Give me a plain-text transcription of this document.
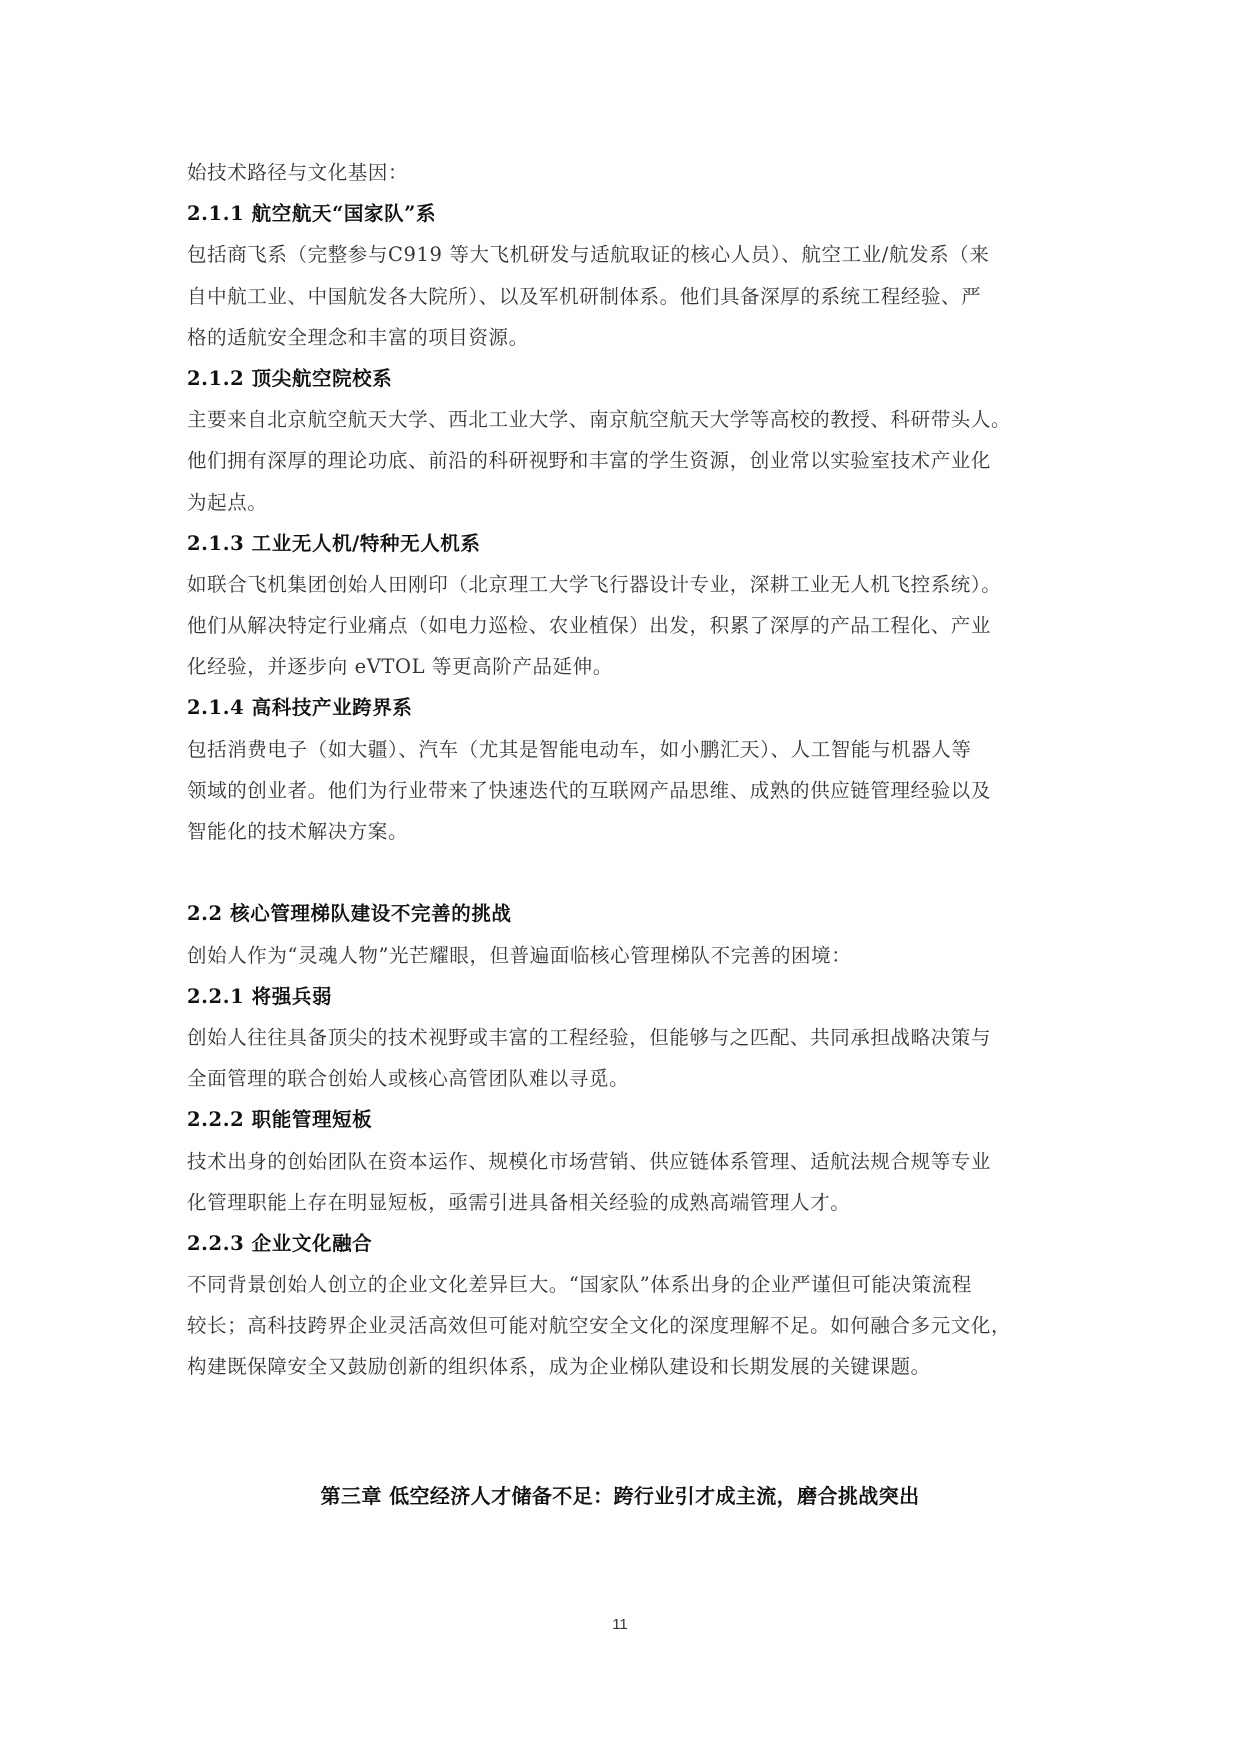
始技术路径与文化基因：
2.1.1 航空航天“国家队”系
包括商飞系（完整参与C919 等大飞机研发与适航取证的核心人员）、航空工业/航发系（来
自中航工业、中国航发各大院所）、以及军机研制体系。他们具备深厚的系统工程经验、严
格的适航安全理念和丰富的项目资源。
2.1.2 顶尖航空院校系
主要来自北京航空航天大学、西北工业大学、南京航空航天大学等高校的教授、科研带头人。
他们拥有深厚的理论功底、前沿的科研视野和丰富的学生资源，创业常以实验室技术产业化
为起点。
2.1.3 工业无人机/特种无人机系
如联合飞机集团创始人田刚印（北京理工大学飞行器设计专业，深耕工业无人机飞控系统）。
他们从解决特定行业痛点（如电力巡检、农业植保）出发，积累了深厚的产品工程化、产业
化经验，并逐步向 eVTOL 等更高阶产品延伸。
2.1.4 高科技产业跨界系
包括消费电子（如大疆）、汽车（尤其是智能电动车，如小鹏汇天）、人工智能与机器人等
领域的创业者。他们为行业带来了快速迭代的互联网产品思维、成熟的供应链管理经验以及
智能化的技术解决方案。
2.2 核心管理梯队建设不完善的挑战
创始人作为“灵魂人物”光芒耀眼，但普遍面临核心管理梯队不完善的困境：
2.2.1 将强兵弱
创始人往往具备顶尖的技术视野或丰富的工程经验，但能够与之匹配、共同承担战略决策与
全面管理的联合创始人或核心高管团队难以寻觅。
2.2.2 职能管理短板
技术出身的创始团队在资本运作、规模化市场营销、供应链体系管理、适航法规合规等专业
化管理职能上存在明显短板，亟需引进具备相关经验的成熟高端管理人才。
2.2.3 企业文化融合
不同背景创始人创立的企业文化差异巨大。“国家队”体系出身的企业严谨但可能决策流程
较长；高科技跨界企业灵活高效但可能对航空安全文化的深度理解不足。如何融合多元文化，
构建既保障安全又鼓励创新的组织体系，成为企业梯队建设和长期发展的关键课题。
第三章 低空经济人才储备不足：跨行业引才成主流，磨合挑战突出
11
